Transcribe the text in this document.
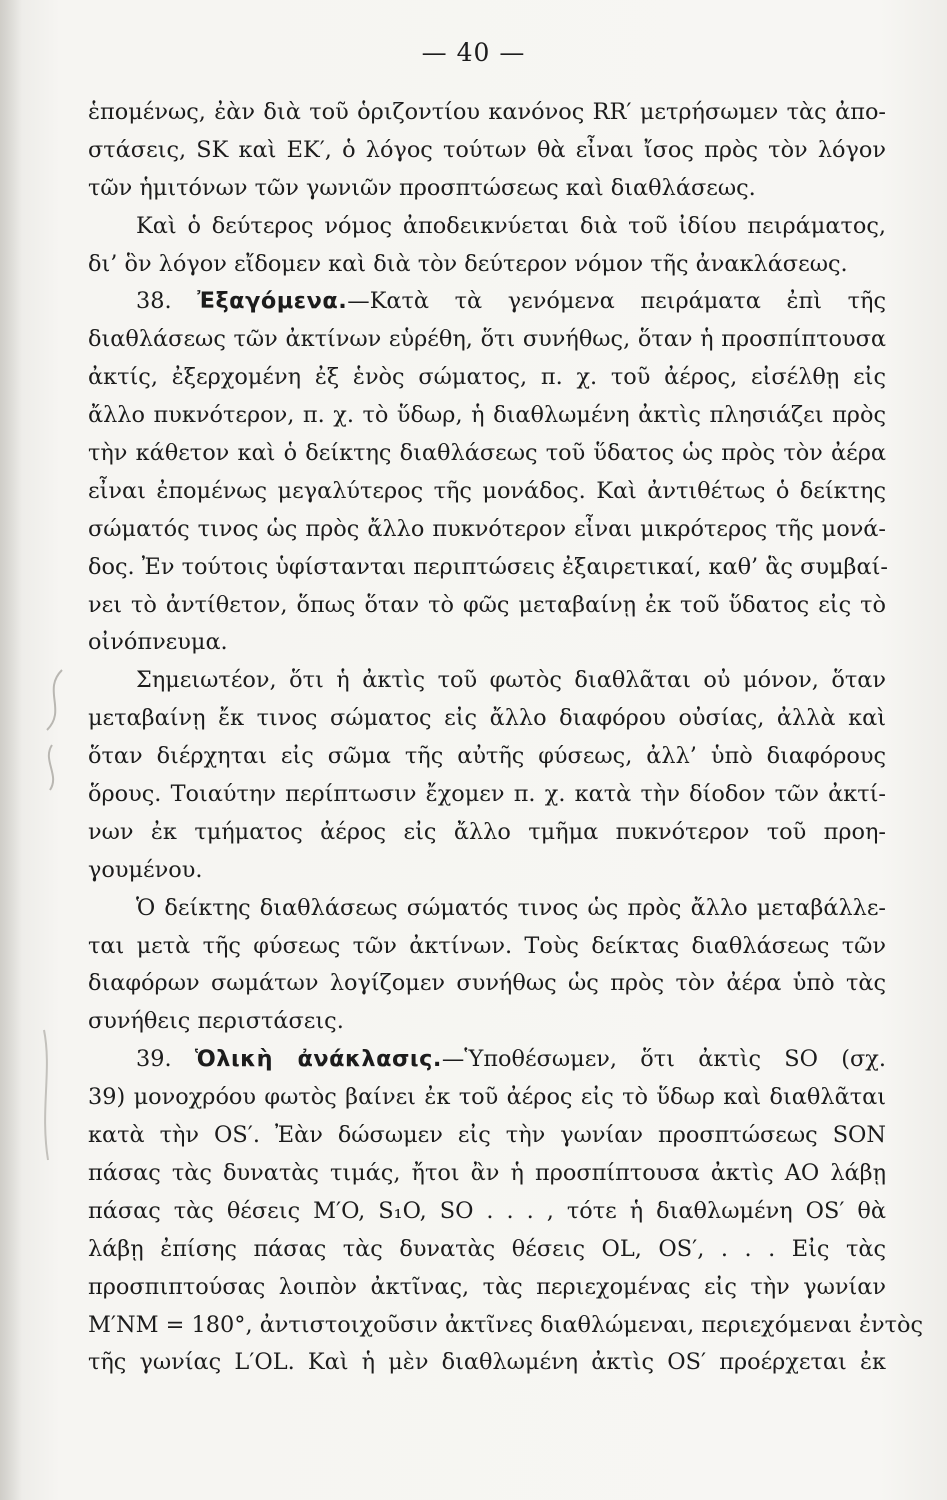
— 40 —
ἑπομένως, ἐὰν διὰ τοῦ ὁριζοντίου κανόνος RR′ μετρήσωμεν τὰς ἀπο-
στάσεις, SK καὶ EK′, ὁ λόγος τούτων θὰ εἶναι ἴσος πρὸς τὸν λόγον
τῶν ἡμιτόνων τῶν γωνιῶν προσπτώσεως καὶ διαθλάσεως.
Καὶ ὁ δεύτερος νόμος ἀποδεικνύεται διὰ τοῦ ἰδίου πειράματος,
δι’ ὃν λόγον εἴδομεν καὶ διὰ τὸν δεύτερον νόμον τῆς ἀνακλάσεως.
38. Ἐξαγόμενα.—Κατὰ τὰ γενόμενα πειράματα ἐπὶ τῆς
διαθλάσεως τῶν ἀκτίνων εὑρέθη, ὅτι συνήθως, ὅταν ἡ προσπίπτουσα
ἀκτίς, ἐξερχομένη ἐξ ἑνὸς σώματος, π. χ. τοῦ ἀέρος, εἰσέλθῃ εἰς
ἄλλο πυκνότερον, π. χ. τὸ ὕδωρ, ἡ διαθλωμένη ἀκτὶς πλησιάζει πρὸς
τὴν κάθετον καὶ ὁ δείκτης διαθλάσεως τοῦ ὕδατος ὡς πρὸς τὸν ἀέρα
εἶναι ἐπομένως μεγαλύτερος τῆς μονάδος. Καὶ ἀντιθέτως ὁ δείκτης
σώματός τινος ὡς πρὸς ἄλλο πυκνότερον εἶναι μικρότερος τῆς μονά-
δος. Ἐν τούτοις ὑφίστανται περιπτώσεις ἐξαιρετικαί, καθ’ ἃς συμβαί-
νει τὸ ἀντίθετον, ὅπως ὅταν τὸ φῶς μεταβαίνῃ ἐκ τοῦ ὕδατος εἰς τὸ
οἰνόπνευμα.
Σημειωτέον, ὅτι ἡ ἀκτὶς τοῦ φωτὸς διαθλᾶται οὐ μόνον, ὅταν
μεταβαίνῃ ἔκ τινος σώματος εἰς ἄλλο διαφόρου οὐσίας, ἀλλὰ καὶ
ὅταν διέρχηται εἰς σῶμα τῆς αὐτῆς φύσεως, ἀλλ’ ὑπὸ διαφόρους
ὅρους. Τοιαύτην περίπτωσιν ἔχομεν π. χ. κατὰ τὴν δίοδον τῶν ἀκτί-
νων ἐκ τμήματος ἀέρος εἰς ἄλλο τμῆμα πυκνότερον τοῦ προη-
γουμένου.
Ὁ δείκτης διαθλάσεως σώματός τινος ὡς πρὸς ἄλλο μεταβάλλε-
ται μετὰ τῆς φύσεως τῶν ἀκτίνων. Τοὺς δείκτας διαθλάσεως τῶν
διαφόρων σωμάτων λογίζομεν συνήθως ὡς πρὸς τὸν ἀέρα ὑπὸ τὰς
συνήθεις περιστάσεις.
39. Ὁλικὴ ἀνάκλασις.—Ὑποθέσωμεν, ὅτι ἀκτὶς SO (σχ.
39) μονοχρόου φωτὸς βαίνει ἐκ τοῦ ἀέρος εἰς τὸ ὕδωρ καὶ διαθλᾶται
κατὰ τὴν OS′. Ἐὰν δώσωμεν εἰς τὴν γωνίαν προσπτώσεως SON
πάσας τὰς δυνατὰς τιμάς, ἤτοι ἂν ἡ προσπίπτουσα ἀκτὶς AO λάβῃ
πάσας τὰς θέσεις M′O, S₁O, SO . . . , τότε ἡ διαθλωμένη OS′ θὰ
λάβῃ ἐπίσης πάσας τὰς δυνατὰς θέσεις OL, OS′, . . . Εἰς τὰς
προσπιπτούσας λοιπὸν ἀκτῖνας, τὰς περιεχομένας εἰς τὴν γωνίαν
M′NM = 180°, ἀντιστοιχοῦσιν ἀκτῖνες διαθλώμεναι, περιεχόμεναι ἐντὸς
τῆς γωνίας L′OL. Καὶ ἡ μὲν διαθλωμένη ἀκτὶς OS′ προέρχεται ἐκ
